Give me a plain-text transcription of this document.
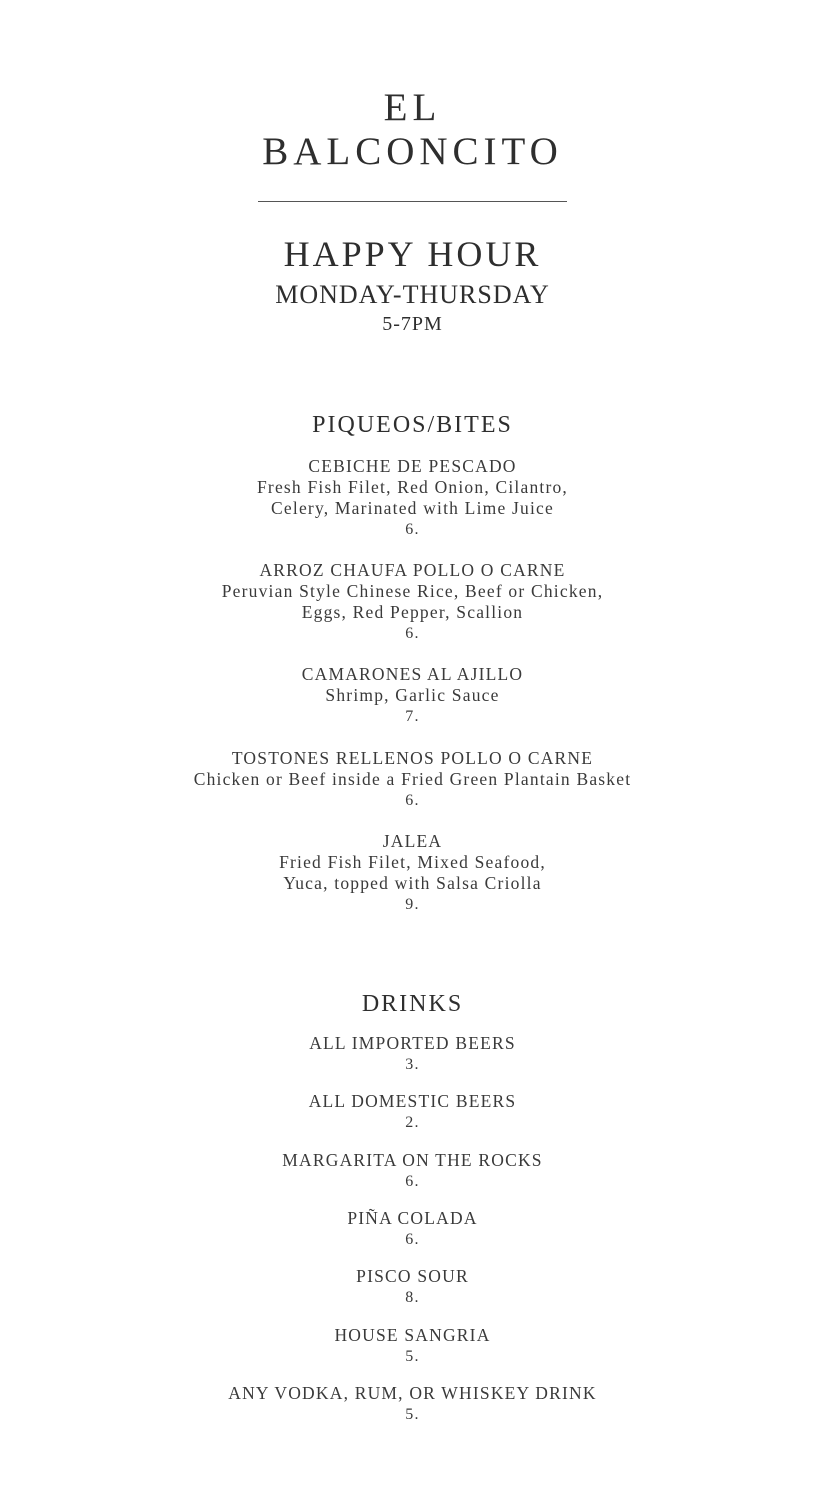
EL
BALCONCITO
HAPPY HOUR
MONDAY-THURSDAY
5-7PM
PIQUEOS/BITES
CEBICHE DE PESCADO
Fresh Fish Filet, Red Onion, Cilantro,
Celery, Marinated with Lime Juice
6.
ARROZ CHAUFA POLLO O CARNE
Peruvian Style Chinese Rice, Beef or Chicken,
Eggs, Red Pepper, Scallion
6.
CAMARONES AL AJILLO
Shrimp, Garlic Sauce
7.
TOSTONES RELLENOS POLLO O CARNE
Chicken or Beef inside a Fried Green Plantain Basket
6.
JALEA
Fried Fish Filet, Mixed Seafood,
Yuca, topped with Salsa Criolla
9.
DRINKS
ALL IMPORTED BEERS
3.
ALL DOMESTIC BEERS
2.
MARGARITA ON THE ROCKS
6.
PIÑA COLADA
6.
PISCO SOUR
8.
HOUSE SANGRIA
5.
ANY VODKA, RUM, OR WHISKEY DRINK
5.
